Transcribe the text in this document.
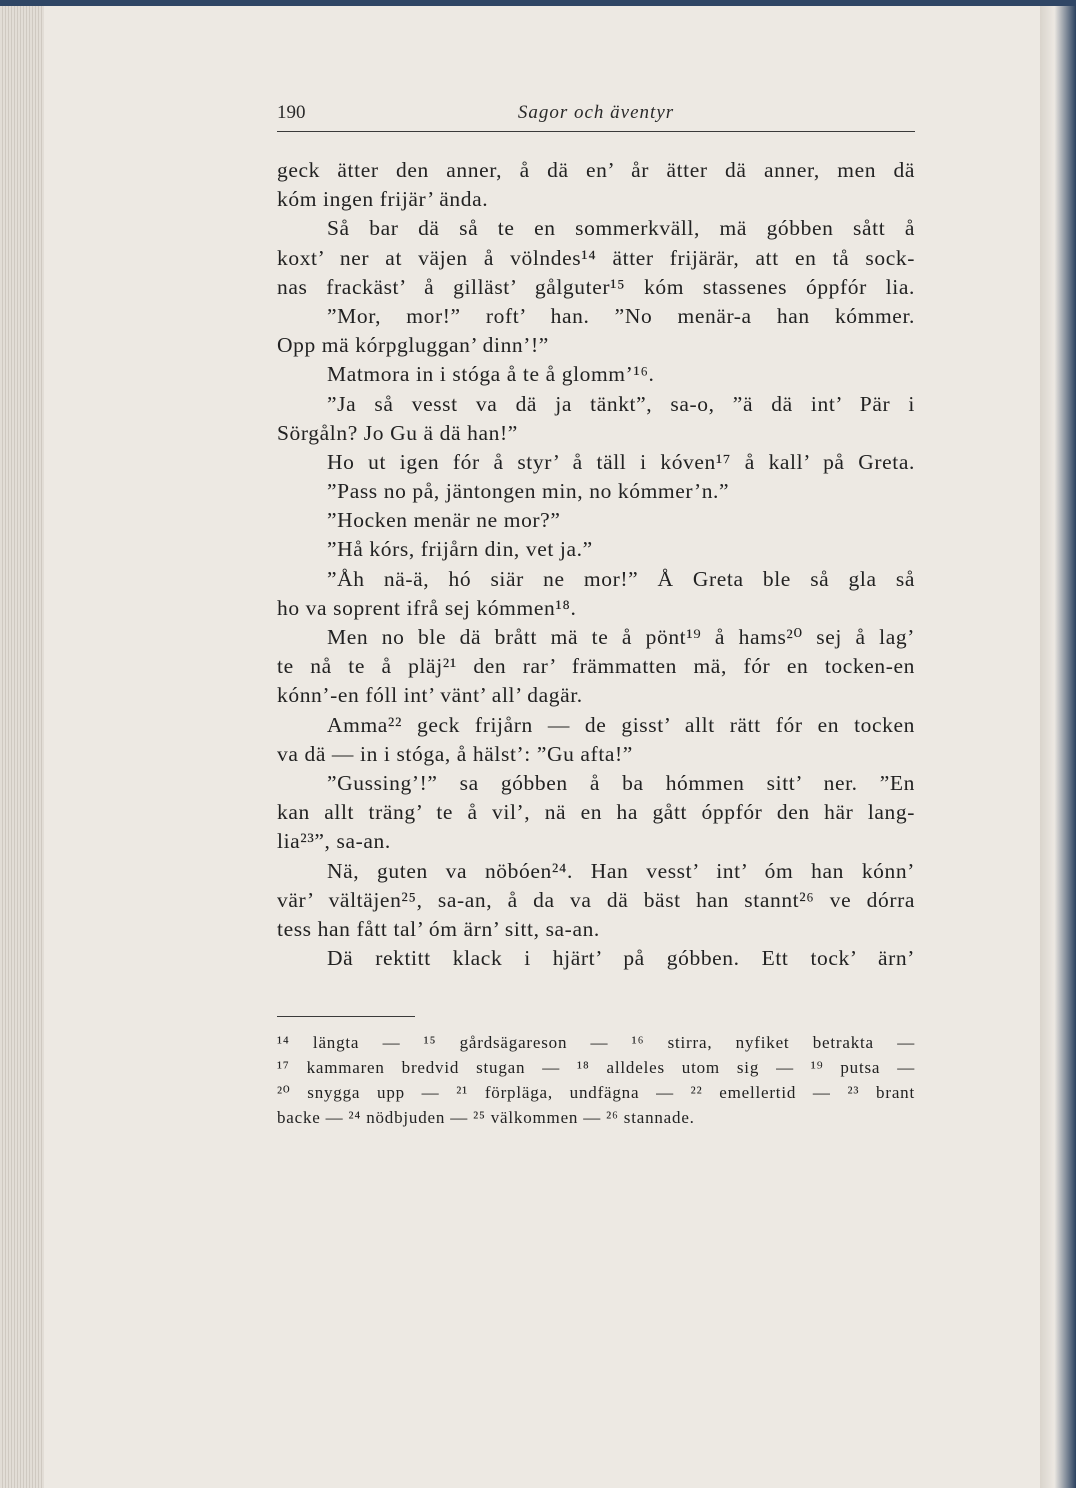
190	Sagor och äventyr
geck ätter den anner, å dä en’ år ätter dä anner, men dä
kóm ingen frijär’ ända.
Så bar dä så te en sommerkväll, mä góbben sått å
koxt’ ner at väjen å völndes¹⁴ ätter frijärär, att en tå sock-
nas frackäst’ å gilläst’ gålguter¹⁵ kóm stassenes óppfór lia.
”Mor, mor!” roft’ han. ”No menär-a han kómmer.
Opp mä kórpgluggan’ dinn’!”
Matmora in i stóga å te å glomm’¹⁶.
”Ja så vesst va dä ja tänkt”, sa-o, ”ä dä int’ Pär i
Sörgåln? Jo Gu ä dä han!”
Ho ut igen fór å styr’ å täll i kóven¹⁷ å kall’ på Greta.
”Pass no på, jäntongen min, no kómmer’n.”
”Hocken menär ne mor?”
”Hå kórs, frijårn din, vet ja.”
”Åh nä-ä, hó siär ne mor!” Å Greta ble så gla så
ho va soprent ifrå sej kómmen¹⁸.
Men no ble dä brått mä te å pönt¹⁹ å hams²⁰ sej å lag’
te nå te å pläj²¹ den rar’ främmatten mä, fór en tocken-en
kónn’-en fóll int’ vänt’ all’ dagär.
Amma²² geck frijårn — de gisst’ allt rätt fór en tocken
va dä — in i stóga, å hälst’: ”Gu afta!”
”Gussing’!” sa góbben å ba hómmen sitt’ ner. ”En
kan allt träng’ te å vil’, nä en ha gått óppfór den här lang-
lia²³”, sa-an.
Nä, guten va nöbóen²⁴. Han vesst’ int’ óm han kónn’
vär’ vältäjen²⁵, sa-an, å da va dä bäst han stannt²⁶ ve dórra
tess han fått tal’ óm ärn’ sitt, sa-an.
Dä rektitt klack i hjärt’ på góbben. Ett tock’ ärn’
¹⁴ längta — ¹⁵ gårdsägareson — ¹⁶ stirra, nyfiket betrakta —
¹⁷ kammaren bredvid stugan — ¹⁸ alldeles utom sig — ¹⁹ putsa —
²⁰ snygga upp — ²¹ förpläga, undfägna — ²² emellertid — ²³ brant
backe — ²⁴ nödbjuden — ²⁵ välkommen — ²⁶ stannade.
